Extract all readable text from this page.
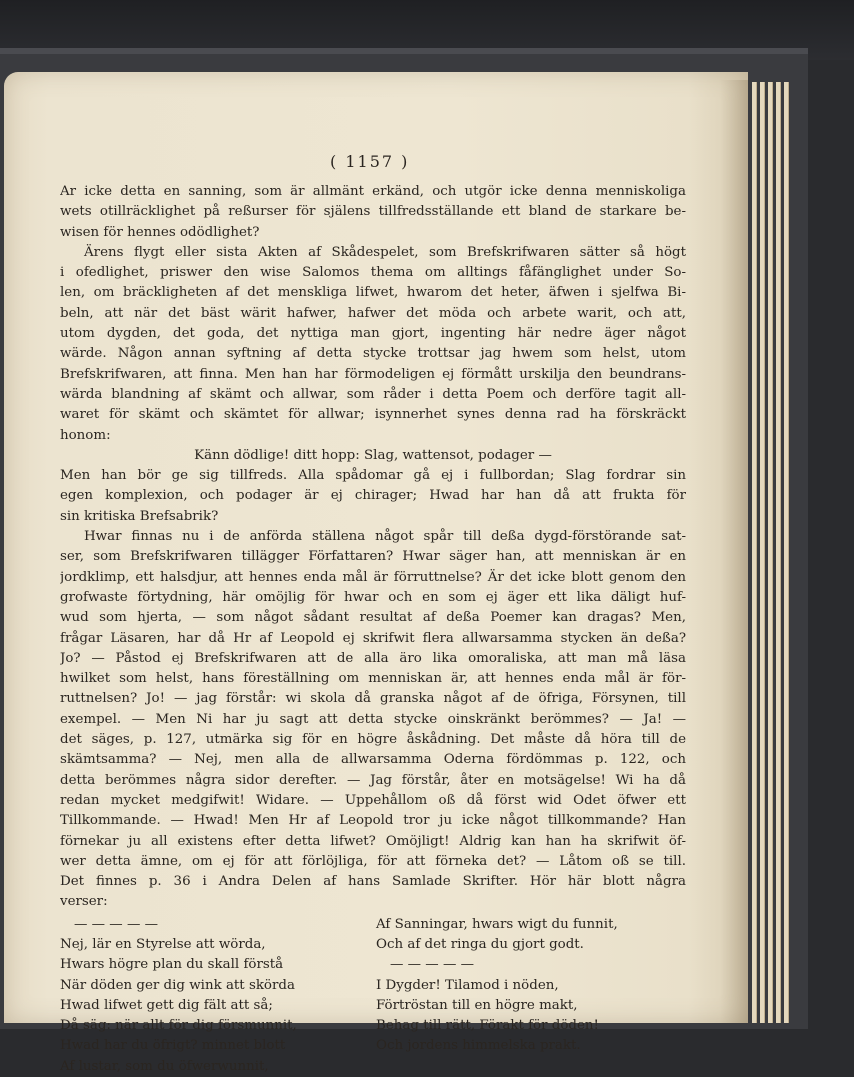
( 1157 )
Ar icke detta en sanning, som är allmänt erkänd, och utgör icke denna menniskoliga
wets otillräcklighet på reßurser för själens tillfredsställande ett bland de starkare be-
wisen för hennes odödlighet?
Ärens flygt eller sista Akten af Skådespelet, som Brefskrifwaren sätter så högt
i ofedlighet, priswer den wise Salomos thema om alltings fåfänglighet under So-
len, om bräckligheten af det menskliga lifwet, hwarom det heter, äfwen i sjelfwa Bi-
beln, att när det bäst wärit hafwer, hafwer det möda och arbete warit, och att,
utom dygden, det goda, det nyttiga man gjort, ingenting här nedre äger något
wärde. Någon annan syftning af detta stycke trottsar jag hwem som helst, utom
Brefskrifwaren, att finna. Men han har förmodeligen ej förmått urskilja den beundrans-
wärda blandning af skämt och allwar, som råder i detta Poem och derföre tagit all-
waret för skämt och skämtet för allwar; isynnerhet synes denna rad ha förskräckt
honom:
Känn dödlige! ditt hopp: Slag, wattensot, podager —
Men han bör ge sig tillfreds. Alla spådomar gå ej i fullbordan; Slag fordrar sin
egen komplexion, och podager är ej chirager; Hwad har han då att frukta för
sin kritiska Brefsabrik?
Hwar finnas nu i de anförda ställena något spår till deßa dygd-förstörande sat-
ser, som Brefskrifwaren tillägger Författaren? Hwar säger han, att menniskan är en
jordklimp, ett halsdjur, att hennes enda mål är förruttnelse? Är det icke blott genom den
grofwaste förtydning, här omöjlig för hwar och en som ej äger ett lika däligt huf-
wud som hjerta, — som något sådant resultat af deßa Poemer kan dragas? Men,
frågar Läsaren, har då Hr af Leopold ej skrifwit flera allwarsamma stycken än deßa?
Jo? — Påstod ej Brefskrifwaren att de alla äro lika omoraliska, att man må läsa
hwilket som helst, hans föreställning om menniskan är, att hennes enda mål är för-
ruttnelsen? Jo! — jag förstår: wi skola då granska något af de öfriga, Försynen, till
exempel. — Men Ni har ju sagt att detta stycke oinskränkt berömmes? — Ja! —
det säges, p. 127, utmärka sig för en högre åskådning. Det måste då höra till de
skämtsamma? — Nej, men alla de allwarsamma Oderna fördömmas p. 122, och
detta berömmes några sidor derefter. — Jag förstår, åter en motsägelse! Wi ha då
redan mycket medgifwit! Widare. — Uppehållom oß då först wid Odet öfwer ett
Tillkommande. — Hwad! Men Hr af Leopold tror ju icke något tillkommande? Han
förnekar ju all existens efter detta lifwet? Omöjligt! Aldrig kan han ha skrifwit öf-
wer detta ämne, om ej för att förlöjliga, för att förneka det? — Låtom oß se till.
Det finnes p. 36 i Andra Delen af hans Samlade Skrifter. Hör här blott några
verser:
— — — — —
Nej, lär en Styrelse att wörda,
Hwars högre plan du skall förstå
När döden ger dig wink att skörda
Hwad lifwet gett dig fält att så;
Då säg: när allt för dig försmunnit,
Hwad har du öfrigt? minnet blott
Af lustar, som du öfwerwunnit,
Af Sanningar, hwars wigt du funnit,
Och af det ringa du gjort godt.
— — — — —
I Dygder! Tilamod i nöden,
Förtröstan till en högre makt,
Behag till rätt, Förakt för döden!
Och jordens himmelska prakt.
